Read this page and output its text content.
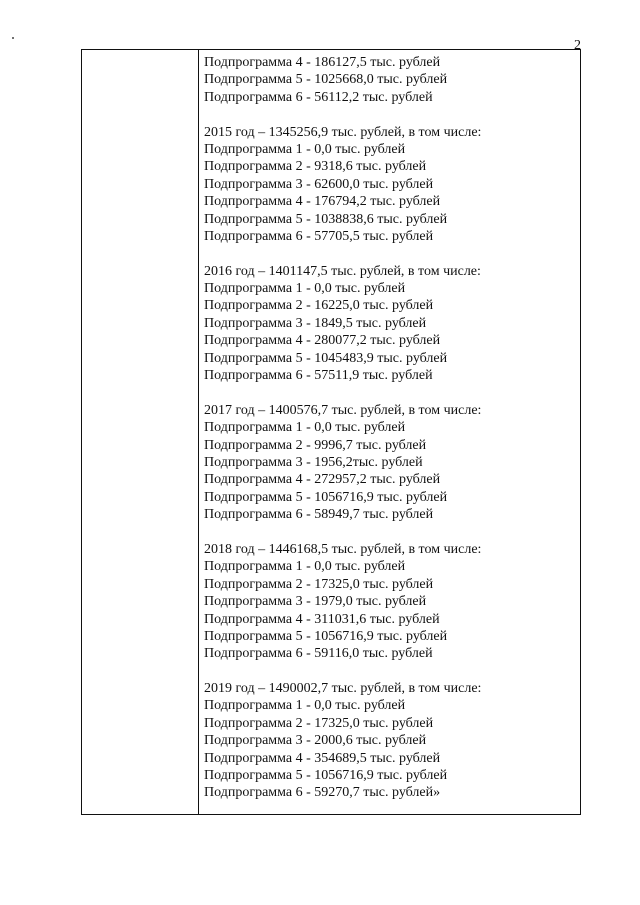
2
Подпрограмма 4 - 186127,5 тыс. рублей
Подпрограмма 5 - 1025668,0 тыс. рублей
Подпрограмма 6 - 56112,2 тыс. рублей
2015 год – 1345256,9 тыс. рублей, в том числе:
Подпрограмма 1 - 0,0 тыс. рублей
Подпрограмма 2 - 9318,6 тыс. рублей
Подпрограмма 3 - 62600,0 тыс. рублей
Подпрограмма 4 - 176794,2 тыс. рублей
Подпрограмма 5 - 1038838,6 тыс. рублей
Подпрограмма 6 - 57705,5 тыс. рублей
2016 год – 1401147,5 тыс. рублей, в том числе:
Подпрограмма 1 - 0,0 тыс. рублей
Подпрограмма 2 - 16225,0 тыс. рублей
Подпрограмма 3 - 1849,5 тыс. рублей
Подпрограмма 4 - 280077,2 тыс. рублей
Подпрограмма 5 - 1045483,9 тыс. рублей
Подпрограмма 6 - 57511,9 тыс. рублей
2017 год – 1400576,7 тыс. рублей, в том числе:
Подпрограмма 1 - 0,0 тыс. рублей
Подпрограмма 2 - 9996,7 тыс. рублей
Подпрограмма 3 - 1956,2тыс. рублей
Подпрограмма 4 - 272957,2 тыс. рублей
Подпрограмма 5 - 1056716,9 тыс. рублей
Подпрограмма 6 - 58949,7 тыс. рублей
2018 год – 1446168,5 тыс. рублей, в том числе:
Подпрограмма 1 - 0,0 тыс. рублей
Подпрограмма 2 - 17325,0 тыс. рублей
Подпрограмма 3 - 1979,0 тыс. рублей
Подпрограмма 4 - 311031,6 тыс. рублей
Подпрограмма 5 - 1056716,9 тыс. рублей
Подпрограмма 6 - 59116,0 тыс. рублей
2019 год – 1490002,7 тыс. рублей, в том числе:
Подпрограмма 1 - 0,0 тыс. рублей
Подпрограмма 2 - 17325,0 тыс. рублей
Подпрограмма 3 - 2000,6 тыс. рублей
Подпрограмма 4 - 354689,5 тыс. рублей
Подпрограмма 5 - 1056716,9 тыс. рублей
Подпрограмма 6 - 59270,7 тыс. рублей»
